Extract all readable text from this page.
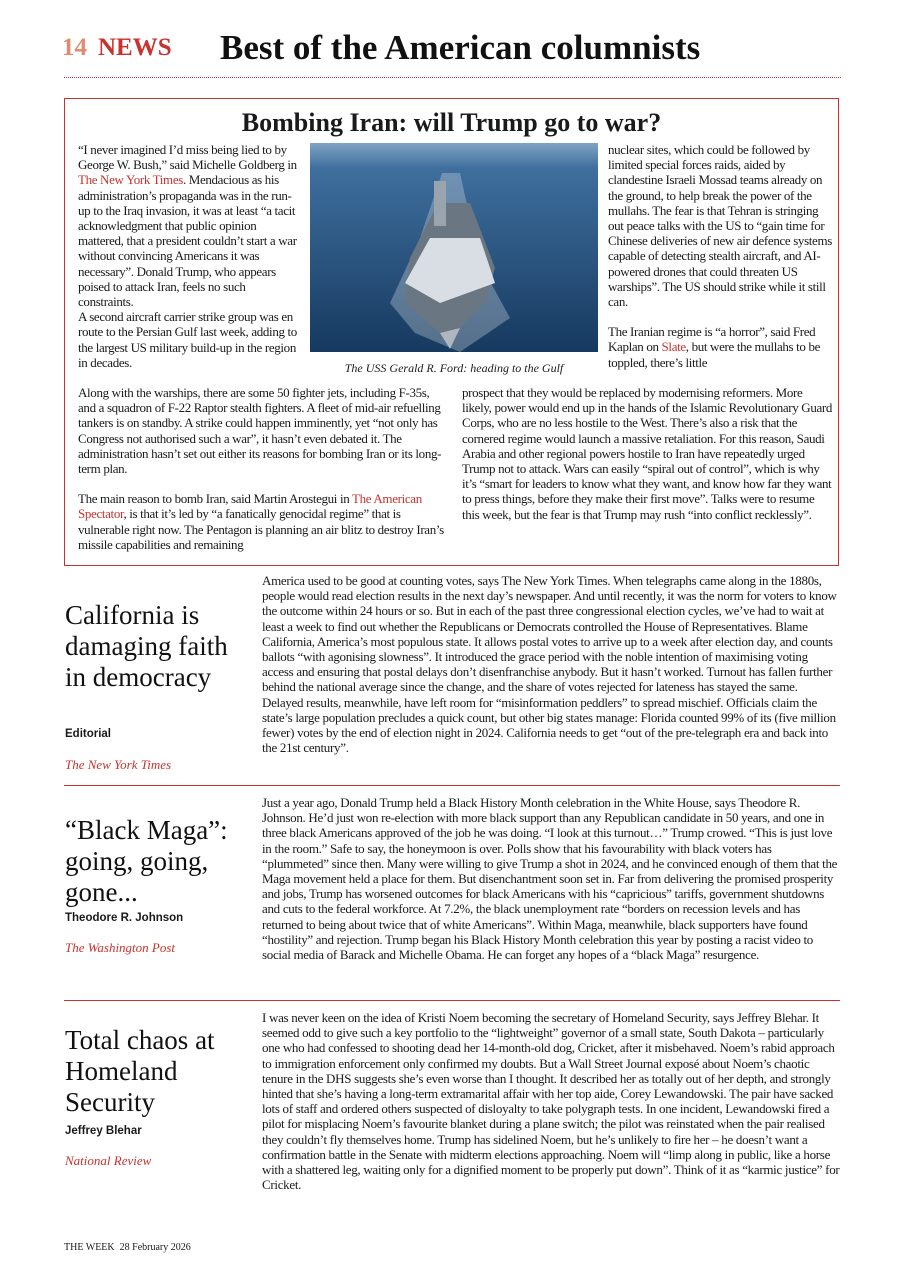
14 NEWS Best of the American columnists
Bombing Iran: will Trump go to war?

“I never imagined I’d miss being lied to by George W. Bush,” said Michelle Goldberg in The New York Times. Mendacious as his administration’s propaganda was in the run-up to the Iraq invasion, it was at least “a tacit acknowledgment that public opinion mattered, that a president couldn’t start a war without convincing Americans it was necessary”. Donald Trump, who appears poised to attack Iran, feels no such constraints.

A second aircraft carrier strike group was en route to the Persian Gulf last week, adding to the largest US military build-up in the region in decades.	The USS Gerald R. Ford: heading to the Gulf

nuclear sites, which could be followed by limited special forces raids, aided by clandestine Israeli Mossad teams already on the ground, to help break the power of the mullahs. The fear is that Tehran is stringing out peace talks with the US to “gain time for Chinese deliveries of new air defence systems capable of detecting stealth aircraft, and AI-powered drones that could threaten US warships”. The US should strike while it still can.

The Iranian regime is “a horror”, said Fred Kaplan on Slate, but were the mullahs to be toppled, there’s little

Along with the warships, there are some 50 fighter jets, including F-35s, and a squadron of F-22 Raptor stealth fighters. A fleet of mid-air refuelling tankers is on standby. A strike could happen imminently, yet “not only has Congress not authorised such a war”, it hasn’t even debated it. The administration hasn’t set out either its reasons for bombing Iran or its long-term plan.

The main reason to bomb Iran, said Martin Arostegui in The American Spectator, is that it’s led by “a fanatically genocidal regime” that is vulnerable right now. The Pentagon is planning an air blitz to destroy Iran’s missile capabilities and remaining

prospect that they would be replaced by modernising reformers. More likely, power would end up in the hands of the Islamic Revolutionary Guard Corps, who are no less hostile to the West. There’s also a risk that the cornered regime would launch a massive retaliation. For this reason, Saudi Arabia and other regional powers hostile to Iran have repeatedly urged Trump not to attack. Wars can easily “spiral out of control”, which is why it’s “smart for leaders to know what they want, and know how far they want to press things, before they make their first move”. Talks were to resume this week, but the fear is that Trump may rush “into conflict recklessly”.

California is damaging faith in democracy
Editorial
The New York Times
America used to be good at counting votes, says The New York Times. When telegraphs came along in the 1880s, people would read election results in the next day’s newspaper. And until recently, it was the norm for voters to know the outcome within 24 hours or so. But in each of the past three congressional election cycles, we’ve had to wait at least a week to find out whether the Republicans or Democrats controlled the House of Representatives. Blame California, America’s most populous state. It allows postal votes to arrive up to a week after election day, and counts ballots “with agonising slowness”. It introduced the grace period with the noble intention of maximising voting access and ensuring that postal delays don’t disenfranchise anybody. But it hasn’t worked. Turnout has fallen further behind the national average since the change, and the share of votes rejected for lateness has stayed the same. Delayed results, meanwhile, have left room for “misinformation peddlers” to spread mischief. Officials claim the state’s large population precludes a quick count, but other big states manage: Florida counted 99% of its (five million fewer) votes by the end of election night in 2024. California needs to get “out of the pre-telegraph era and back into the 21st century”.
“Black Maga”: going, going, gone...
Theodore R. Johnson
The Washington Post
Just a year ago, Donald Trump held a Black History Month celebration in the White House, says Theodore R. Johnson. He’d just won re-election with more black support than any Republican candidate in 50 years, and one in three black Americans approved of the job he was doing. “I look at this turnout…” Trump crowed. “This is just love in the room.” Safe to say, the honeymoon is over. Polls show that his favourability with black voters has “plummeted” since then. Many were willing to give Trump a shot in 2024, and he convinced enough of them that the Maga movement held a place for them. But disenchantment soon set in. Far from delivering the promised prosperity and jobs, Trump has worsened outcomes for black Americans with his “capricious” tariffs, government shutdowns and cuts to the federal workforce. At 7.2%, the black unemployment rate “borders on recession levels and has returned to being about twice that of white Americans”. Within Maga, meanwhile, black supporters have found “hostility” and rejection. Trump began his Black History Month celebration this year by posting a racist video to social media of Barack and Michelle Obama. He can forget any hopes of a “black Maga” resurgence.
Total chaos at Homeland Security
Jeffrey Blehar
National Review
I was never keen on the idea of Kristi Noem becoming the secretary of Homeland Security, says Jeffrey Blehar. It seemed odd to give such a key portfolio to the “lightweight” governor of a small state, South Dakota – particularly one who had confessed to shooting dead her 14-month-old dog, Cricket, after it misbehaved. Noem’s rabid approach to immigration enforcement only confirmed my doubts. But a Wall Street Journal exposé about Noem’s chaotic tenure in the DHS suggests she’s even worse than I thought. It described her as totally out of her depth, and strongly hinted that she’s having a long-term extramarital affair with her top aide, Corey Lewandowski. The pair have sacked lots of staff and ordered others suspected of disloyalty to take polygraph tests. In one incident, Lewandowski fired a pilot for misplacing Noem’s favourite blanket during a plane switch; the pilot was reinstated when the pair realised they couldn’t fly themselves home. Trump has sidelined Noem, but he’s unlikely to fire her – he doesn’t want a confirmation battle in the Senate with midterm elections approaching. Noem will “limp along in public, like a horse with a shattered leg, waiting only for a dignified moment to be properly put down”. Think of it as “karmic justice” for Cricket.
THE WEEK 28 February 2026
